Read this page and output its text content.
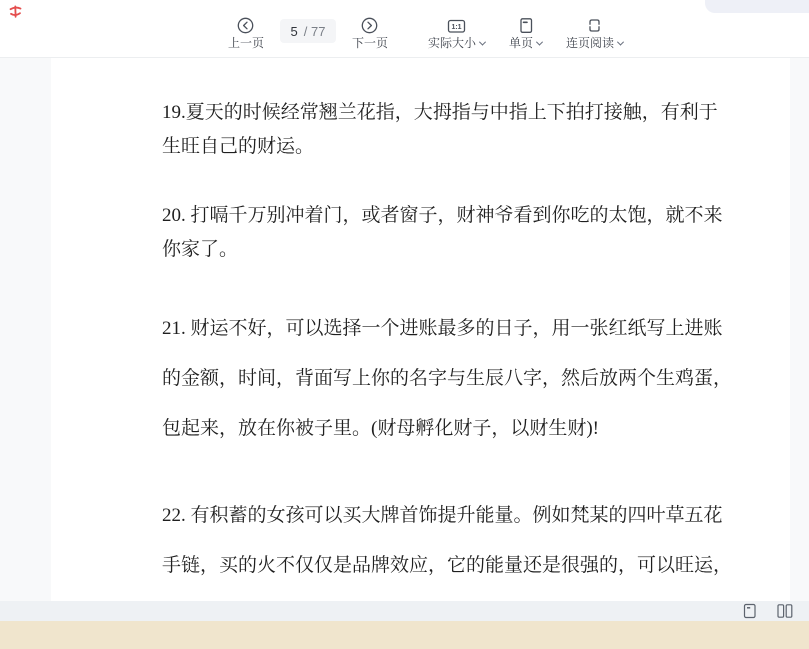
上一页
5 / 77
下一页
1:1
实际大小	单页	连页阅读
19.夏天的时候经常翘兰花指，大拇指与中指上下拍打接触，有利于
生旺自己的财运。
20. 打嗝千万别冲着门，或者窗子，财神爷看到你吃的太饱，就不来
你家了。
21. 财运不好，可以选择一个进账最多的日子，用一张红纸写上进账
的金额，时间，背面写上你的名字与生辰八字，然后放两个生鸡蛋，
包起来，放在你被子里。(财母孵化财子，以财生财)!
22. 有积蓄的女孩可以买大牌首饰提升能量。例如梵某的四叶草五花
手链，买的火不仅仅是品牌效应，它的能量还是很强的，可以旺运，
